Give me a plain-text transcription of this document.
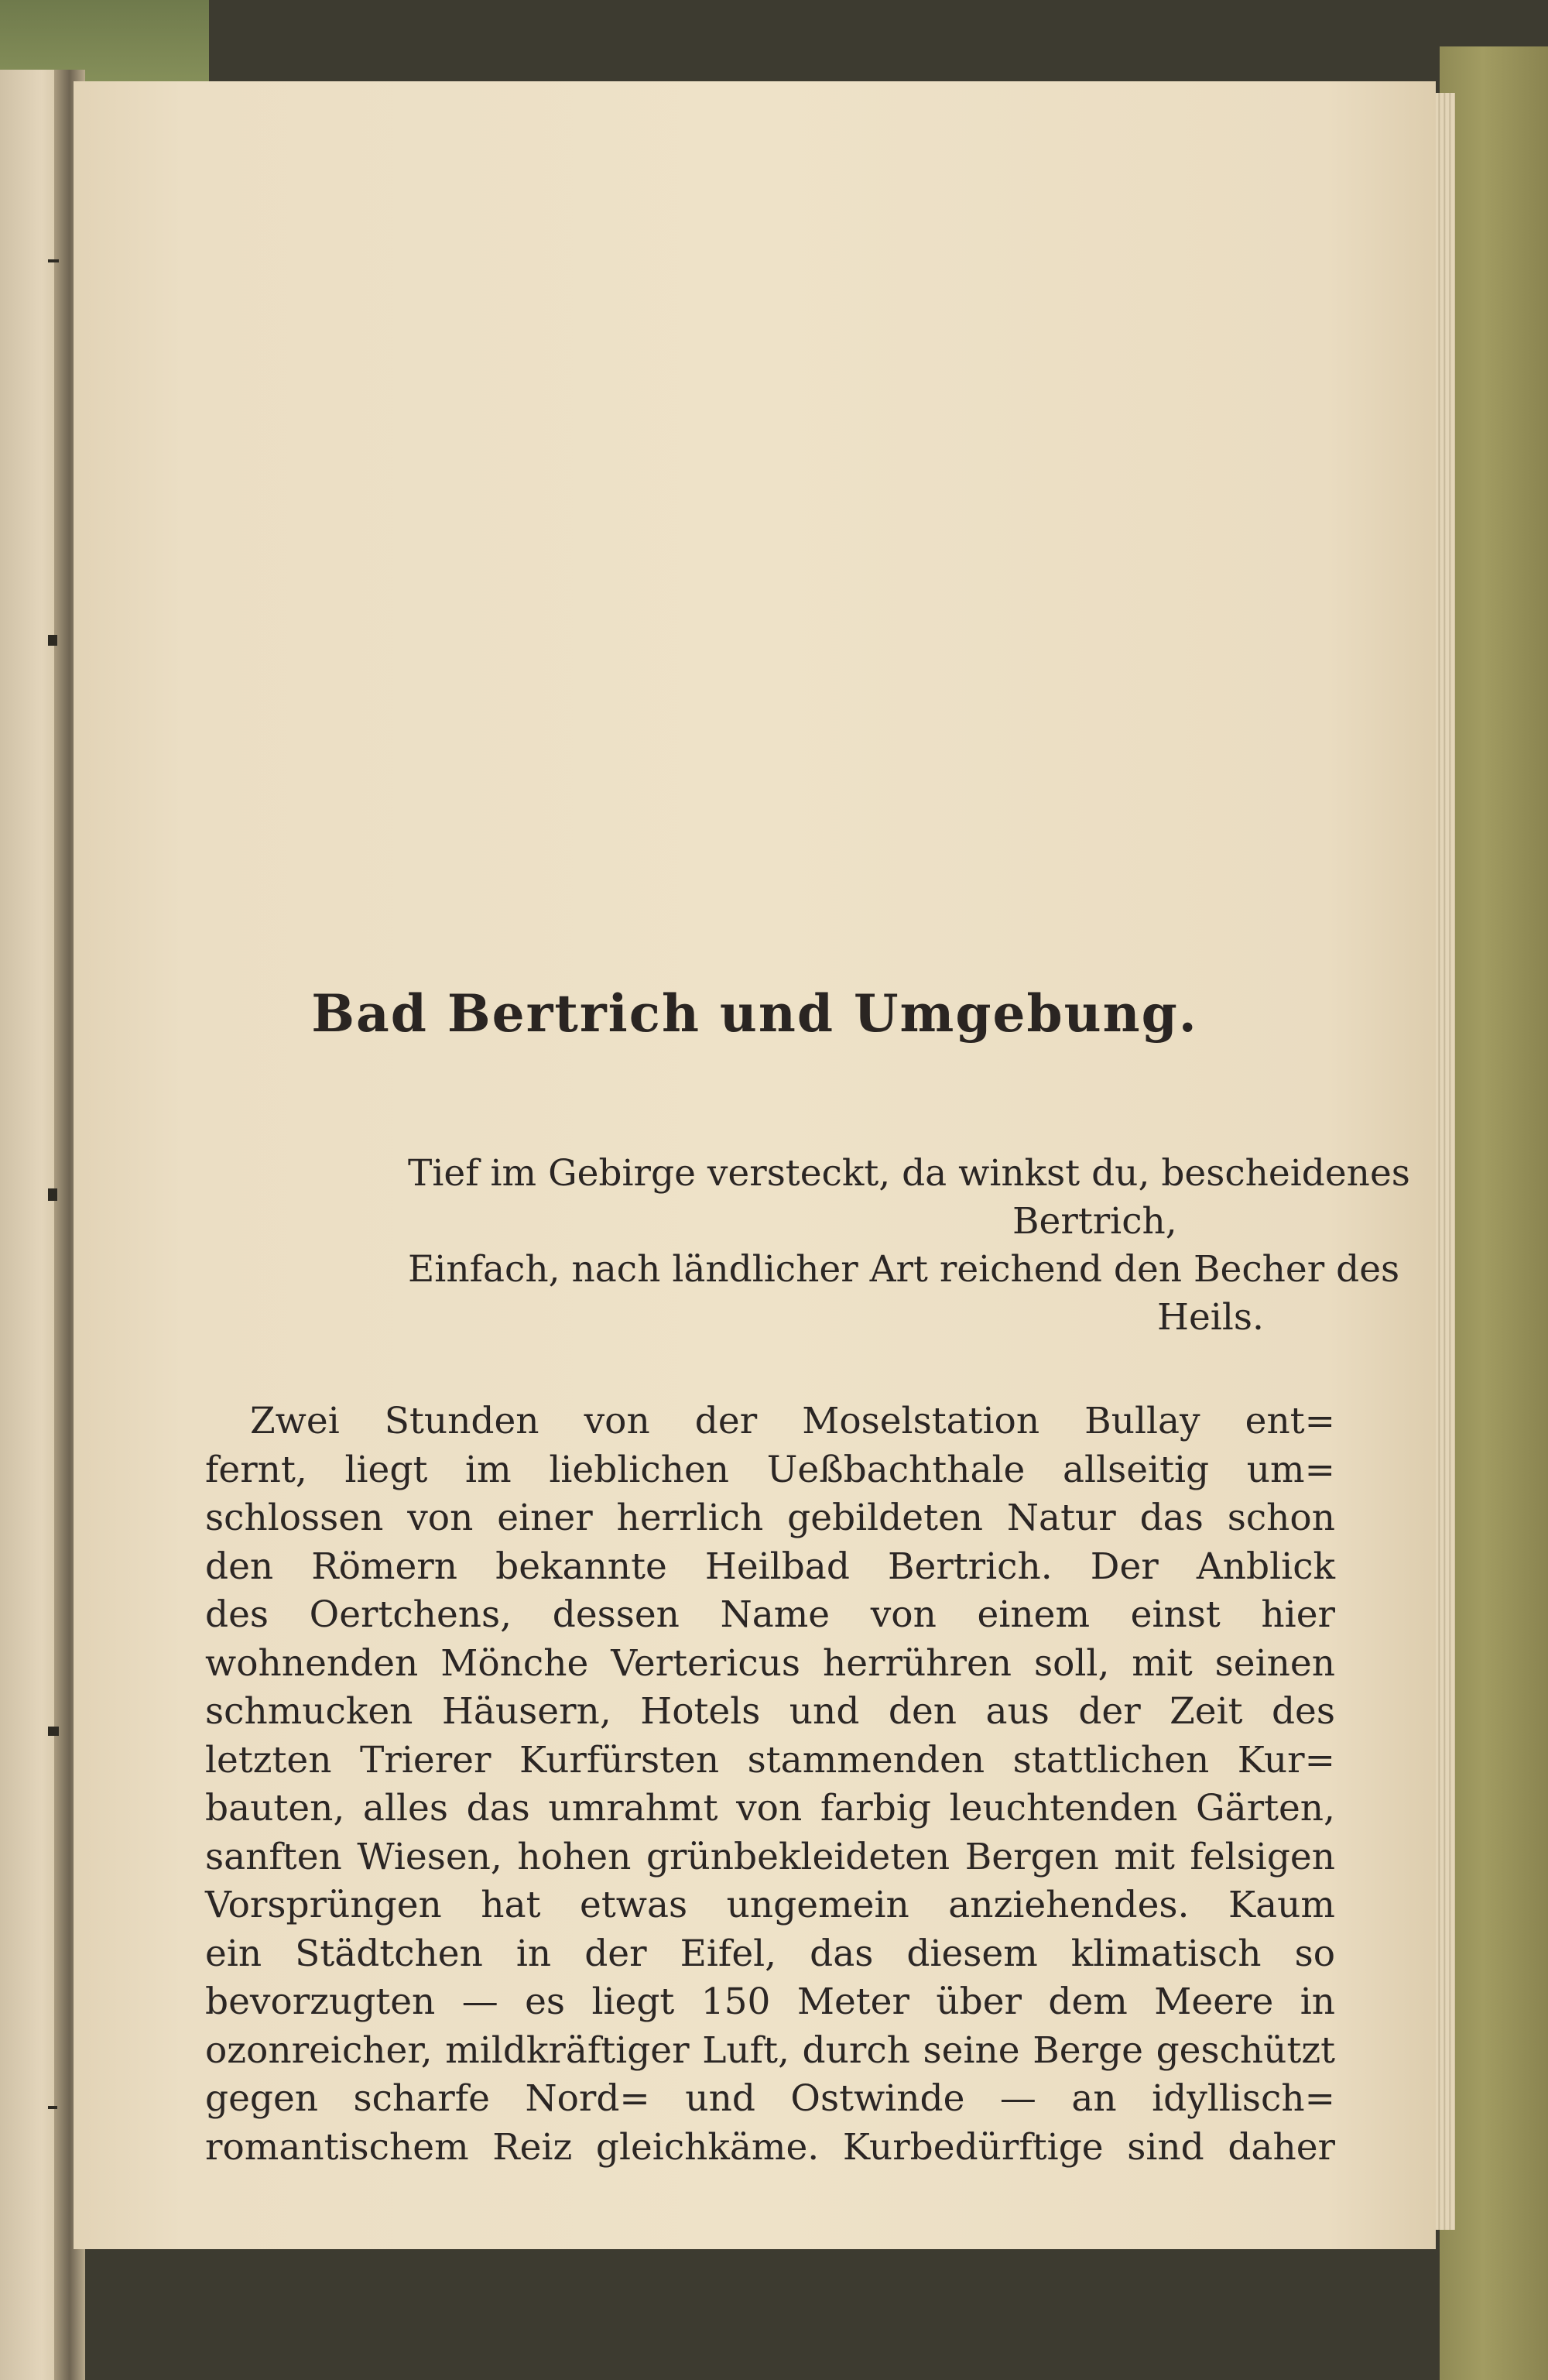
Bad Bertrich und Umgebung.
Tief im Gebirge versteckt, da winkst du, bescheidenes
Bertrich,
Einfach, nach ländlicher Art reichend den Becher des
Heils.
Zwei Stunden von der Moselstation Bullay ent=
fernt, liegt im lieblichen Ueßbachthale allseitig um=
schlossen von einer herrlich gebildeten Natur das schon
den Römern bekannte Heilbad Bertrich. Der Anblick
des Oertchens, dessen Name von einem einst hier
wohnenden Mönche Vertericus herrühren soll, mit seinen
schmucken Häusern, Hotels und den aus der Zeit des
letzten Trierer Kurfürsten stammenden stattlichen Kur=
bauten, alles das umrahmt von farbig leuchtenden Gärten,
sanften Wiesen, hohen grünbekleideten Bergen mit felsigen
Vorsprüngen hat etwas ungemein anziehendes. Kaum
ein Städtchen in der Eifel, das diesem klimatisch so
bevorzugten — es liegt 150 Meter über dem Meere in
ozonreicher, mildkräftiger Luft, durch seine Berge geschützt
gegen scharfe Nord= und Ostwinde — an idyllisch=
romantischem Reiz gleichkäme. Kurbedürftige sind daher
